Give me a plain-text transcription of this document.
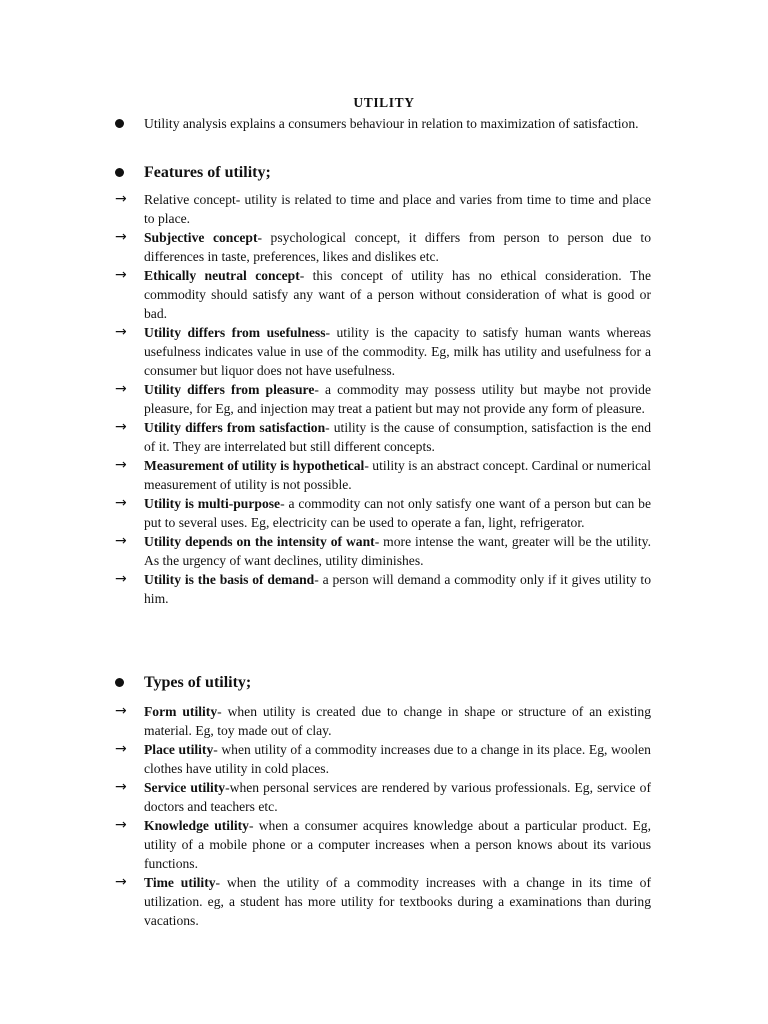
UTILITY
Utility analysis explains a consumers behaviour in relation to maximization of satisfaction.
Features of utility;
→	Relative concept- utility is related to time and place and varies from time to time and place to place.
→	Subjective concept- psychological concept, it differs from person to person due to differences in taste, preferences, likes and dislikes etc.
→	Ethically neutral concept- this concept of utility has no ethical consideration. The commodity should satisfy any want of a person without consideration of what is good or bad.
→	Utility differs from usefulness- utility is the capacity to satisfy human wants whereas usefulness indicates value in use of the commodity. Eg, milk has utility and usefulness for a consumer but liquor does not have usefulness.
→	Utility differs from pleasure- a commodity may possess utility but maybe not provide pleasure, for Eg, and injection may treat a patient but may not provide any form of pleasure.
→	Utility differs from satisfaction- utility is the cause of consumption, satisfaction is the end of it. They are interrelated but still different concepts.
→	Measurement of utility is hypothetical- utility is an abstract concept. Cardinal or numerical measurement of utility is not possible.
→	Utility is multi-purpose- a commodity can not only satisfy one want of a person but can be put to several uses. Eg, electricity can be used to operate a fan, light, refrigerator.
→	Utility depends on the intensity of want- more intense the want, greater will be the utility. As the urgency of want declines, utility diminishes.
→	Utility is the basis of demand- a person will demand a commodity only if it gives utility to him.
Types of utility;
→	Form utility- when utility is created due to change in shape or structure of an existing material. Eg, toy made out of clay.
→	Place utility- when utility of a commodity increases due to a change in its place. Eg, woolen clothes have utility in cold places.
→	Service utility-when personal services are rendered by various professionals. Eg, service of doctors and teachers etc.
→	Knowledge utility- when a consumer acquires knowledge about a particular product. Eg, utility of a mobile phone or a computer increases when a person knows about its various functions.
→	Time utility- when the utility of a commodity increases with a change in its time of utilization. eg, a student has more utility for textbooks during a examinations than during vacations.
